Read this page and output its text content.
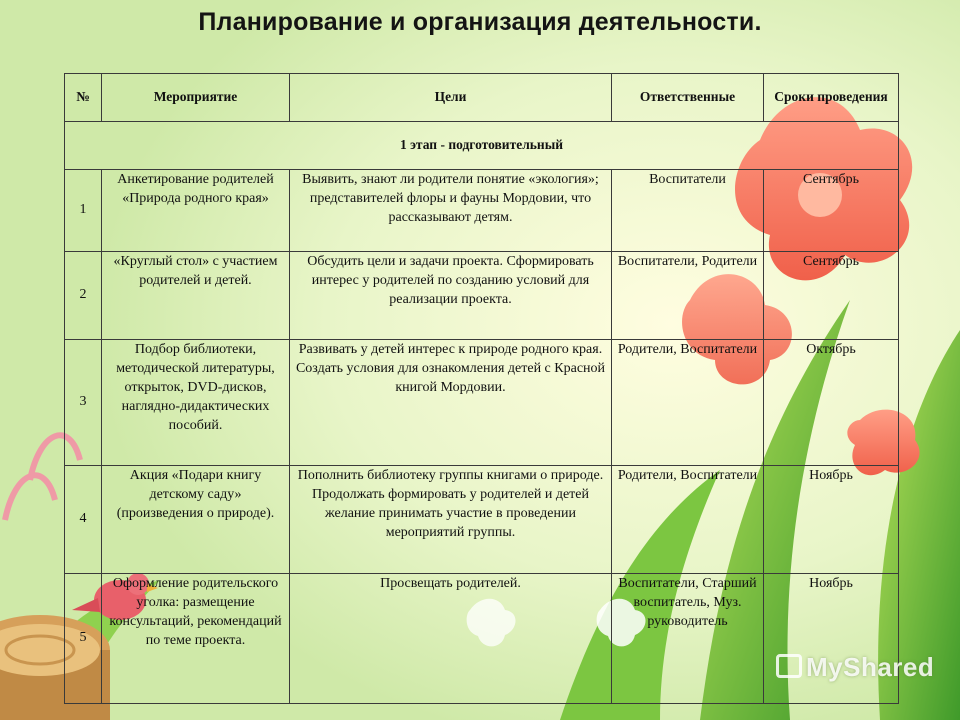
Планирование и организация деятельности.
№	Мероприятие	Цели	Ответственные	Сроки проведения
1 этап - подготовительный				
1	Анкетирование родителей «Природа родного края»	Выявить, знают ли родители понятие «экология»; представителей флоры и фауны Мордовии, что рассказывают детям.	Воспитатели	Сентябрь
2	«Круглый стол» с участием родителей и детей.	Обсудить цели и задачи проекта. Сформировать интерес у родителей по созданию условий для реализации проекта.	Воспитатели, Родители	Сентябрь
3	Подбор библиотеки, методической литературы, открыток, DVD-дисков, наглядно-дидактических пособий.	Развивать у детей интерес к природе родного края. Создать условия для ознакомления детей с Красной книгой Мордовии.	Родители, Воспитатели	Октябрь
4	Акция «Подари книгу детскому саду» (произведения о природе).	Пополнить библиотеку группы книгами о природе. Продолжать формировать у родителей и детей желание принимать участие в проведении мероприятий группы.	Родители, Воспитатели	Ноябрь
5	Оформление родительского уголка: размещение консультаций, рекомендаций по теме проекта.	Просвещать родителей.	Воспитатели, Старший воспитатель, Муз. руководитель	Ноябрь
MyShared
